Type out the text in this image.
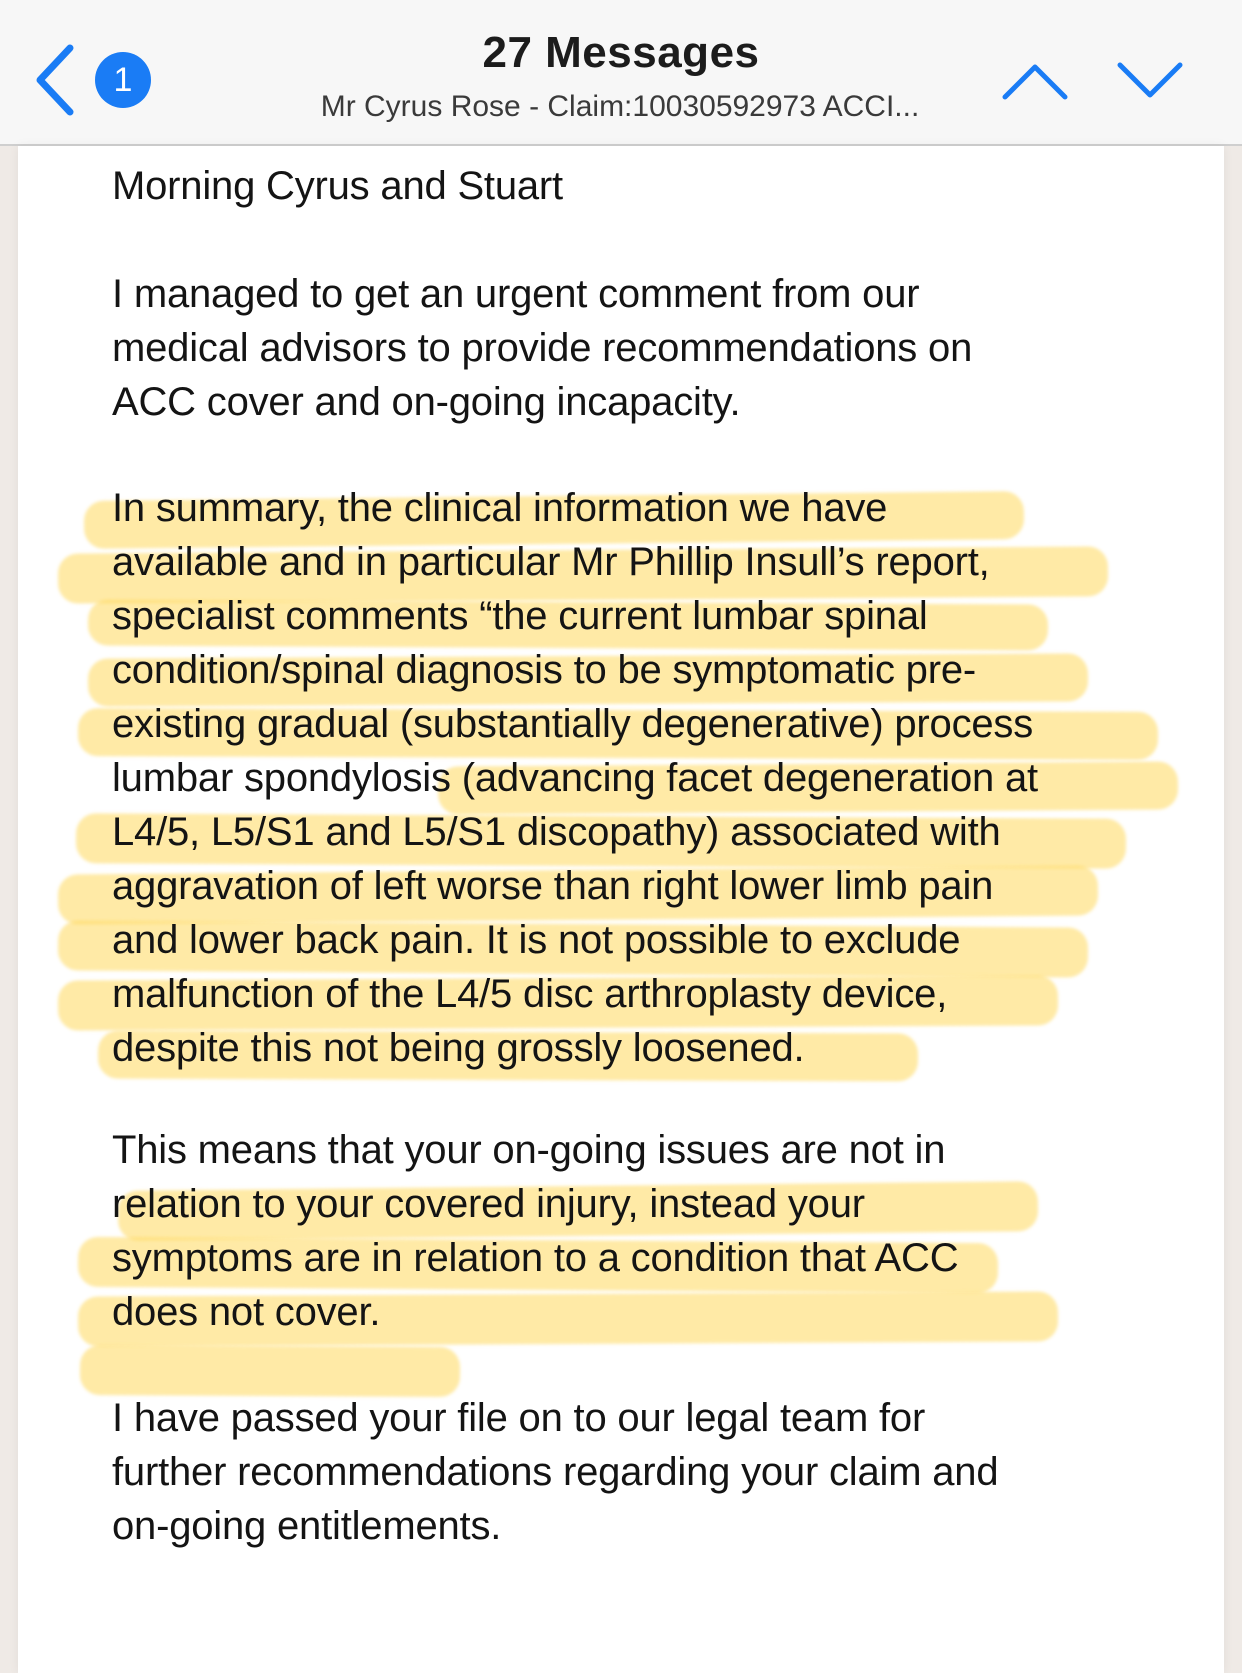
1
27 Messages
Mr Cyrus Rose - Claim:10030592973 ACCI...
Morning Cyrus and Stuart
I managed to get an urgent comment from our
medical advisors to provide recommendations on
ACC cover and on-going incapacity.
In summary, the clinical information we have
available and in particular Mr Phillip Insull’s report,
specialist comments “the current lumbar spinal
condition/spinal diagnosis to be symptomatic pre-
existing gradual (substantially degenerative) process
lumbar spondylosis (advancing facet degeneration at
L4/5, L5/S1 and L5/S1 discopathy) associated with
aggravation of left worse than right lower limb pain
and lower back pain. It is not possible to exclude
malfunction of the L4/5 disc arthroplasty device,
despite this not being grossly loosened.
This means that your on-going issues are not in
relation to your covered injury, instead your
symptoms are in relation to a condition that ACC
does not cover.
I have passed your file on to our legal team for
further recommendations regarding your claim and
on-going entitlements.
